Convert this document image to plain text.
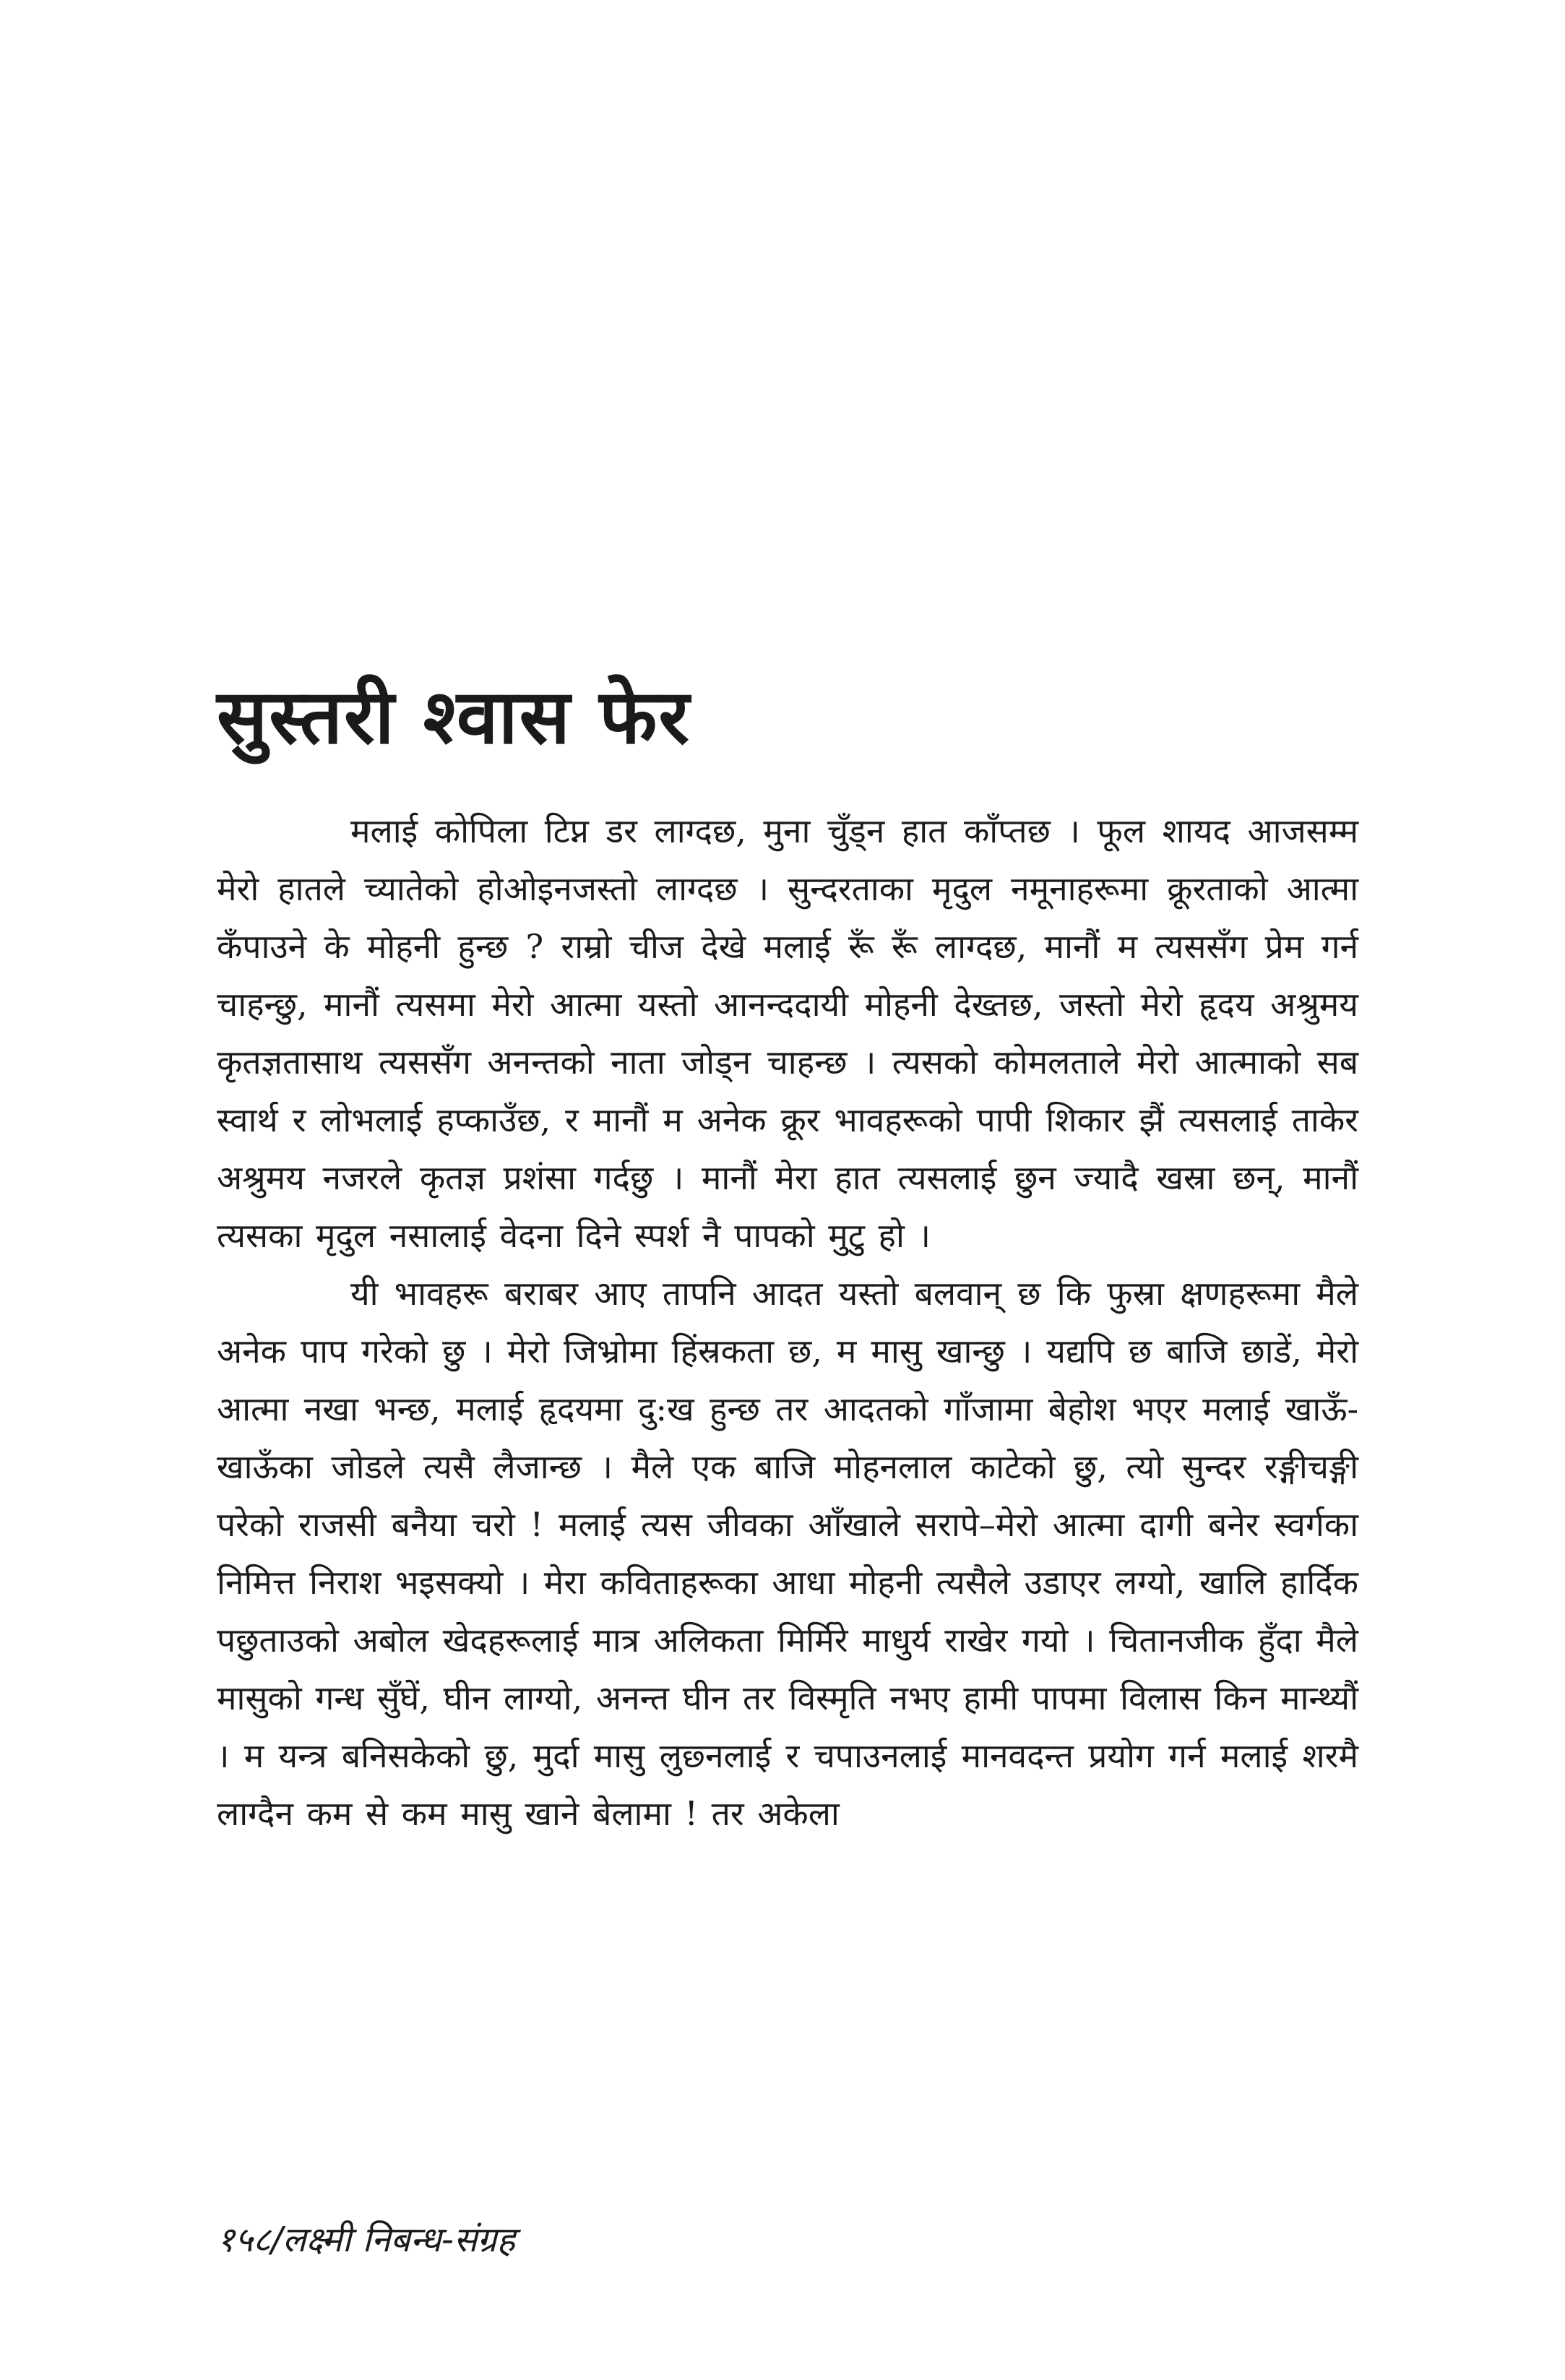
सुस्तरी श्वास फेर

मलाई कोपिला टिप्न डर लाग्दछ, मुना चुँड्न हात काँप्तछ । फूल शायद आजसम्म मेरो हातले च्यातेको होओइनजस्तो लाग्दछ । सुन्दरताका मृदुल नमूनाहरूमा क्रूरताको आत्मा कँपाउने के मोहनी हुन्छ ? राम्रो चीज देखे मलाई रूँ रूँ लाग्दछ, मानौं म त्यससँग प्रेम गर्न चाहन्छु, मानौं त्यसमा मेरो आत्मा यस्तो आनन्ददायी मोहनी देख्तछ, जस्तो मेरो हृदय अश्रुमय कृतज्ञतासाथ त्यससँग अनन्तको नाता जोड्न चाहन्छ । त्यसको कोमलताले मेरो आत्माको सब स्वार्थ र लोभलाई हप्काउँछ, र मानौं म अनेक क्रूर भावहरूको पापी शिकार झैं त्यसलाई ताकेर अश्रुमय नजरले कृतज्ञ प्रशंसा गर्दछु । मानौं मेरा हात त्यसलाई छुन ज्यादै खस्रा छन्, मानौं त्यसका मृदुल नसालाई वेदना दिने स्पर्श नै पापको मुटु हो ।

यी भावहरू बराबर आए तापनि आदत यस्तो बलवान् छ कि फुस्रा क्षणहरूमा मैले अनेक पाप गरेको छु । मेरो जिभ्रोमा हिंस्रकता छ, म मासु खान्छु । यद्यपि छ बाजि छाडें, मेरो आत्मा नखा भन्छ, मलाई हृदयमा दु:ख हुन्छ तर आदतको गाँजामा बेहोश भएर मलाई खाऊँ-खाऊँका जोडले त्यसै लैजान्छ । मैले एक बाजि मोहनलाल काटेको छु, त्यो सुन्दर रङ्गीचङ्गी परेको राजसी बनैया चरो ! मलाई त्यस जीवका आँखाले सरापे–मेरो आत्मा दागी बनेर स्वर्गका निमित्त निराश भइसक्यो । मेरा कविताहरूका आधा मोहनी त्यसैले उडाएर लग्यो, खालि हार्दिक पछुताउको अबोल खेदहरूलाई मात्र अलिकता मिर्मिरे माधुर्य राखेर गयो । चितानजीक हुँदा मैले मासुको गन्ध सुँघें, घीन लाग्यो, अनन्त घीन तर विस्मृति नभए हामी पापमा विलास किन मान्थ्यौं । म यन्त्र बनिसकेको छु, मुर्दा मासु लुछ्नलाई र चपाउनलाई मानवदन्त प्रयोग गर्न मलाई शरमै लाग्दैन कम से कम मासु खाने बेलामा ! तर अकेला

१५८/लक्ष्मी निबन्ध-संग्रह
